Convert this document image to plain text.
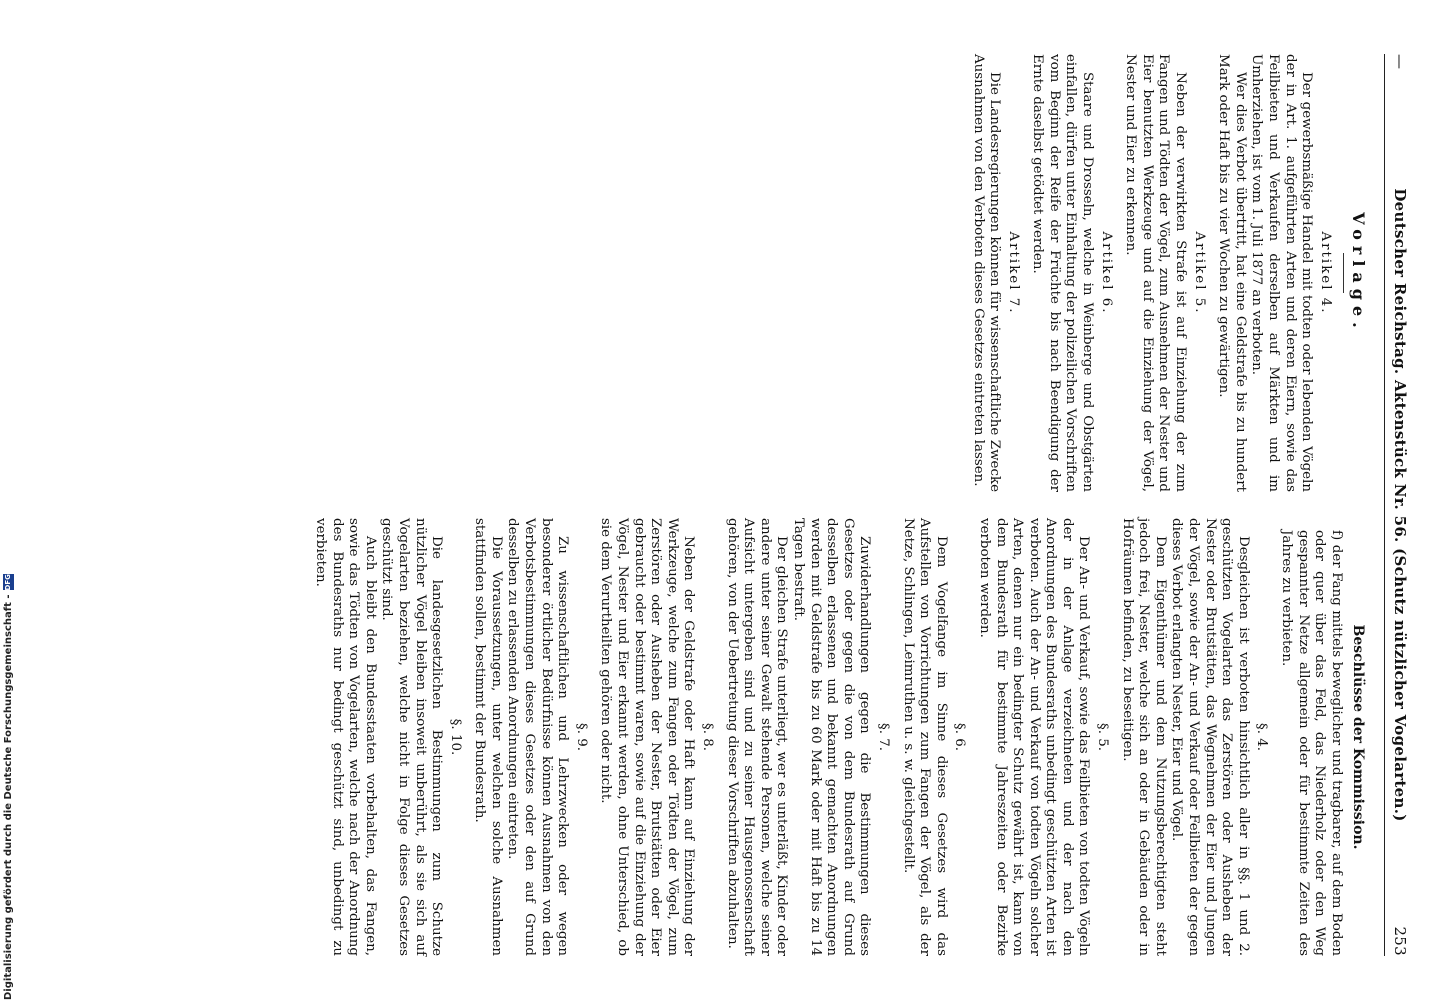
—
Deutscher Reichstag. Aktenstück Nr. 56. (Schutz nützlicher Vogelarten.)
253
Vorlage.
Artikel 4.

Der gewerbsmäßige Handel mit todten oder lebenden Vögeln der in Art. 1. aufgeführten Arten und deren Eiern, sowie das Feilbieten und Verkaufen derselben auf Märkten und im Umherziehen, ist vom 1. Juli 1877 an verboten.

Wer dies Verbot übertritt, hat eine Geldstrafe bis zu hundert Mark oder Haft bis zu vier Wochen zu gewärtigen.

Artikel 5.

Neben der verwirkten Strafe ist auf Einziehung der zum Fangen und Tödten der Vögel, zum Ausnehmen der Nester und Eier benutzten Werkzeuge und auf die Einziehung der Vögel, Nester und Eier zu erkennen.

Artikel 6.

Staare und Drosseln, welche in Weinberge und Obstgärten einfallen, dürfen unter Einhaltung der polizeilichen Vorschriften vom Beginn der Reife der Früchte bis nach Beendigung der Ernte daselbst getödtet werden.

Artikel 7.

Die Landesregierungen können für wissenschaftliche Zwecke Ausnahmen von den Verboten dieses Gesetzes eintreten lassen.

Beschlüsse der Kommission.

f) der Fang mittels beweglicher und tragbarer, auf dem Boden oder quer über das Feld, das Niederholz oder den Weg gespannter Netze allgemein oder für bestimmte Zeiten des Jahres zu verbieten.

§. 4.

Desgleichen ist verboten hinsichtlich aller in §§. 1 und 2. geschützten Vogelarten das Zerstören oder Ausheben der Nester oder Brutstätten, das Wegnehmen der Eier und Jungen der Vögel, sowie der An- und Verkauf oder Feilbieten der gegen dieses Verbot erlangten Nester, Eier und Vögel.

Dem Eigenthümer und dem Nutzungsberechtigten steht jedoch frei, Nester, welche sich an oder in Gebäuden oder in Hofräumen befinden, zu beseitigen.

§. 5.

Der An- und Verkauf, sowie das Feilbieten von todten Vögeln der in der Anlage verzeichneten und der nach den Anordnungen des Bundesraths unbedingt geschützten Arten ist verboten. Auch der An- und Verkauf von todten Vögeln solcher Arten, denen nur ein bedingter Schutz gewährt ist, kann von dem Bundesrath für bestimmte Jahreszeiten oder Bezirke verboten werden.

§. 6.

Dem Vogelfange im Sinne dieses Gesetzes wird das Aufstellen von Vorrichtungen zum Fangen der Vögel, als der Netze, Schlingen, Leimruthen u. s. w. gleichgestellt.

§. 7.

Zuwiderhandlungen gegen die Bestimmungen dieses Gesetzes oder gegen die von dem Bundesrath auf Grund desselben erlassenen und bekannt gemachten Anordnungen werden mit Geldstrafe bis zu 60 Mark oder mit Haft bis zu 14 Tagen bestraft.

Der gleichen Strafe unterliegt, wer es unterläßt, Kinder oder andere unter seiner Gewalt stehende Personen, welche seiner Aufsicht untergeben sind und zu seiner Hausgenossenschaft gehören, von der Uebertretung dieser Vorschriften abzuhalten.

§. 8.

Neben der Geldstrafe oder Haft kann auf Einziehung der Werkzeuge, welche zum Fangen oder Tödten der Vögel, zum Zerstören oder Ausheben der Nester, Brutstätten oder Eier gebraucht oder bestimmt waren, sowie auf die Einziehung der Vögel, Nester und Eier erkannt werden, ohne Unterschied, ob sie dem Verurtheilten gehören oder nicht.

§. 9.

Zu wissenschaftlichen und Lehrzwecken oder wegen besonderer örtlicher Bedürfnisse können Ausnahmen von den Verbotsbestimmungen dieses Gesetzes oder den auf Grund desselben zu erlassenden Anordnungen eintreten.

Die Voraussetzungen, unter welchen solche Ausnahmen stattfinden sollen, bestimmt der Bundesrath.

§. 10.

Die landesgesetzlichen Bestimmungen zum Schutze nützlicher Vögel bleiben insoweit unberührt, als sie sich auf Vogelarten beziehen, welche nicht in Folge dieses Gesetzes geschützt sind.

Auch bleibt den Bundesstaaten vorbehalten, das Fangen, sowie das Tödten von Vogelarten, welche nach der Anordnung des Bundesraths nur bedingt geschützt sind, unbedingt zu verbieten.

Digitalisierung gefördert durch die Deutsche Forschungsgemeinschaft -
DFG
